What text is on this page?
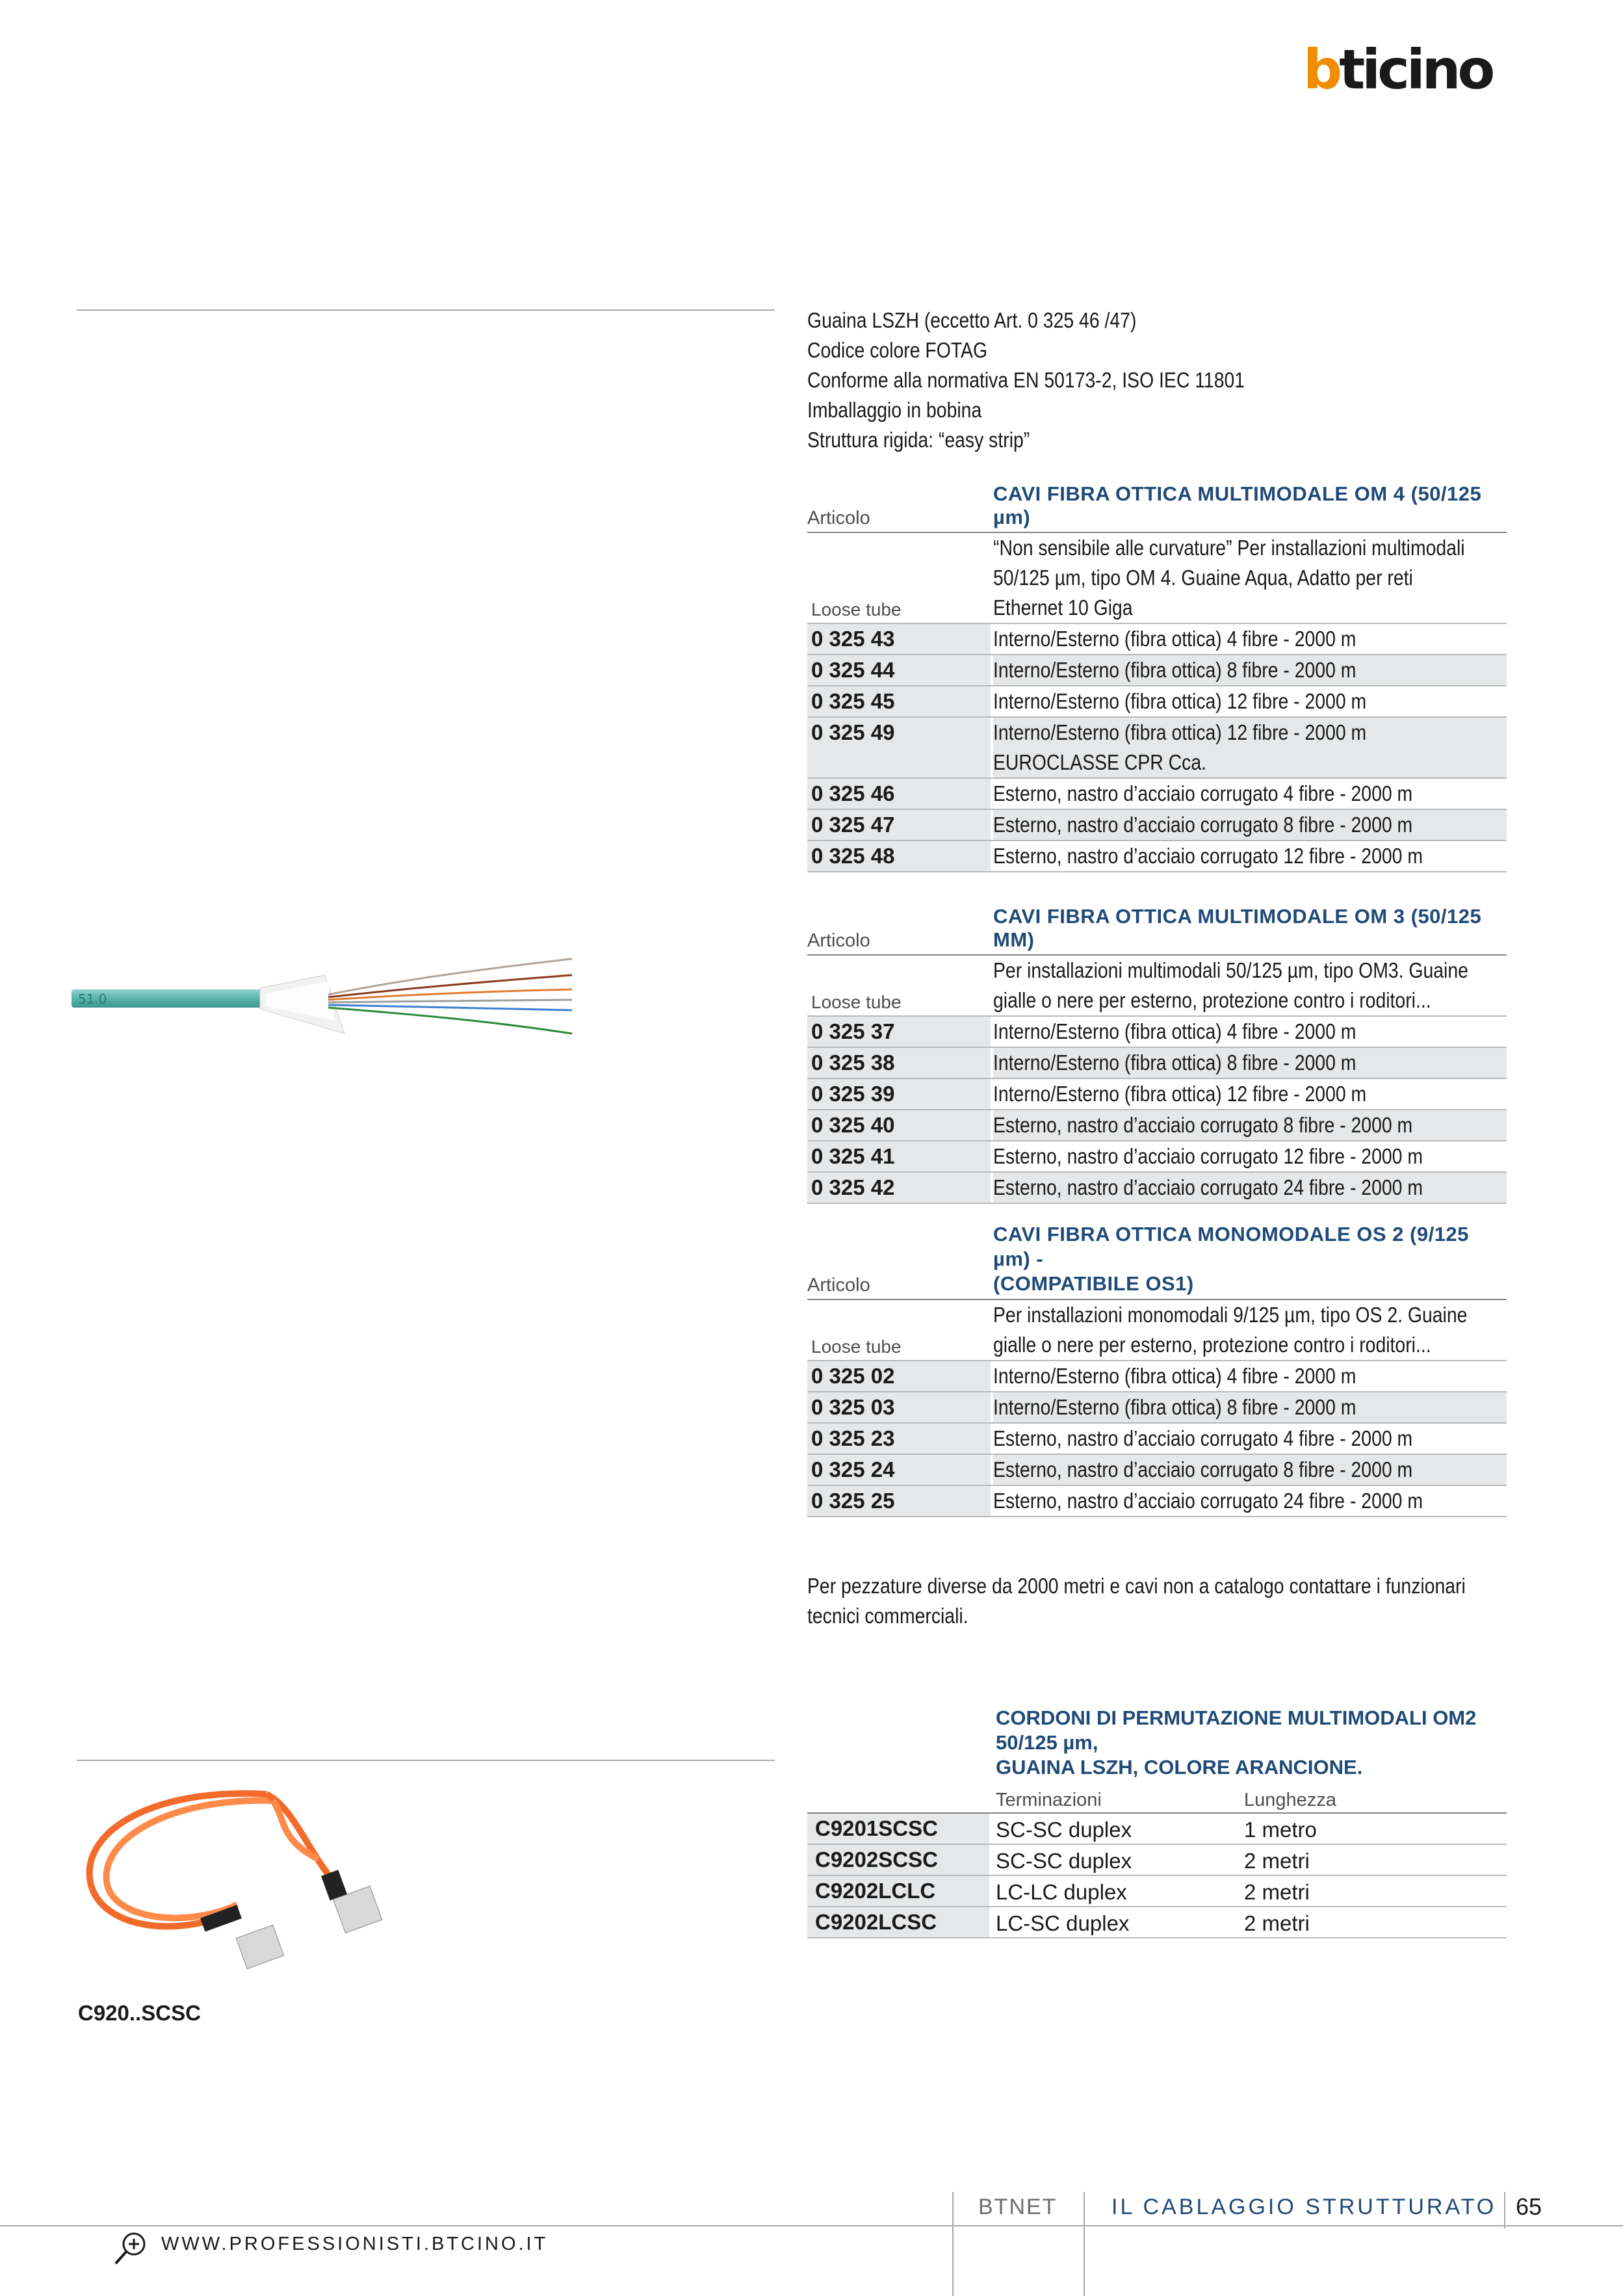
bticino
Guaina LSZH (eccetto Art. 0 325 46 /47)
Codice colore FOTAG
Conforme alla normativa EN 50173-2, ISO IEC 11801
Imballaggio in bobina
Struttura rigida: “easy strip”
Articolo
CAVI FIBRA OTTICA MULTIMODALE OM 4 (50/125 µm)
Loose tube
“Non sensibile alle curvature” Per installazioni multimodali
50/125 µm, tipo OM 4. Guaine Aqua, Adatto per reti
Ethernet 10 Giga
0 325 43	Interno/Esterno (fibra ottica) 4 fibre - 2000 m
0 325 44	Interno/Esterno (fibra ottica) 8 fibre - 2000 m
0 325 45	Interno/Esterno (fibra ottica) 12 fibre - 2000 m
0 325 49	Interno/Esterno (fibra ottica) 12 fibre - 2000 m
EUROCLASSE CPR Cca.
0 325 46	Esterno, nastro d’acciaio corrugato 4 fibre - 2000 m
0 325 47	Esterno, nastro d’acciaio corrugato 8 fibre - 2000 m
0 325 48	Esterno, nastro d’acciaio corrugato 12 fibre - 2000 m
Articolo
CAVI FIBRA OTTICA MULTIMODALE OM 3 (50/125 MM)
Loose tube
Per installazioni multimodali 50/125 µm, tipo OM3. Guaine
gialle o nere per esterno, protezione contro i roditori...
0 325 37	Interno/Esterno (fibra ottica) 4 fibre - 2000 m
0 325 38	Interno/Esterno (fibra ottica) 8 fibre - 2000 m
0 325 39	Interno/Esterno (fibra ottica) 12 fibre - 2000 m
0 325 40	Esterno, nastro d’acciaio corrugato 8 fibre - 2000 m
0 325 41	Esterno, nastro d’acciaio corrugato 12 fibre - 2000 m
0 325 42	Esterno, nastro d’acciaio corrugato 24 fibre - 2000 m
Articolo
CAVI FIBRA OTTICA MONOMODALE OS 2 (9/125 µm) -
(COMPATIBILE OS1)
Loose tube
Per installazioni monomodali 9/125 µm, tipo OS 2. Guaine
gialle o nere per esterno, protezione contro i roditori...
0 325 02	Interno/Esterno (fibra ottica) 4 fibre - 2000 m
0 325 03	Interno/Esterno (fibra ottica) 8 fibre - 2000 m
0 325 23	Esterno, nastro d’acciaio corrugato 4 fibre - 2000 m
0 325 24	Esterno, nastro d’acciaio corrugato 8 fibre - 2000 m
0 325 25	Esterno, nastro d’acciaio corrugato 24 fibre - 2000 m
51.0
Per pezzature diverse da 2000 metri e cavi non a catalogo contattare i funzionari
tecnici commerciali.
CORDONI DI PERMUTAZIONE MULTIMODALI OM2 50/125 µm,
GUAINA LSZH, COLORE ARANCIONE.
Terminazioni	Lunghezza
C9201SCSC	SC-SC duplex	1 metro
C9202SCSC	SC-SC duplex	2 metri
C9202LCLC	LC-LC duplex	2 metri
C9202LCSC	LC-SC duplex	2 metri
C920..SCSC
BTNET IL CABLAGGIO STRUTTURATO 65
WWW.PROFESSIONISTI.BTCINO.IT
